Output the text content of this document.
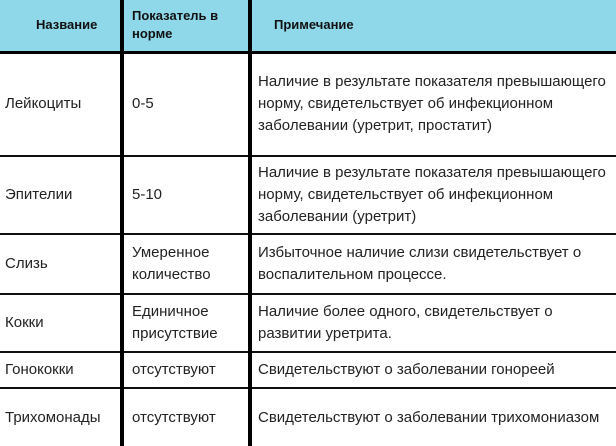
Название	Показатель в норме	Примечание
Лейкоциты	0-5	Наличие в результате показателя превышающего норму, свидетельствует об инфекционном заболевании (уретрит, простатит)
Эпителии	5-10	Наличие в результате показателя превышающего норму, свидетельствует об инфекционном заболевании (уретрит)
Слизь	Умеренное количество	Избыточное наличие слизи свидетельствует о воспалительном процессе.
Кокки	Единичное присутствие	Наличие более одного, свидетельствует о развитии уретрита.
Гонококки	отсутствуют	Свидетельствуют о заболевании гонореей
Трихомонады	отсутствуют	Свидетельствуют о заболевании трихомониазом
